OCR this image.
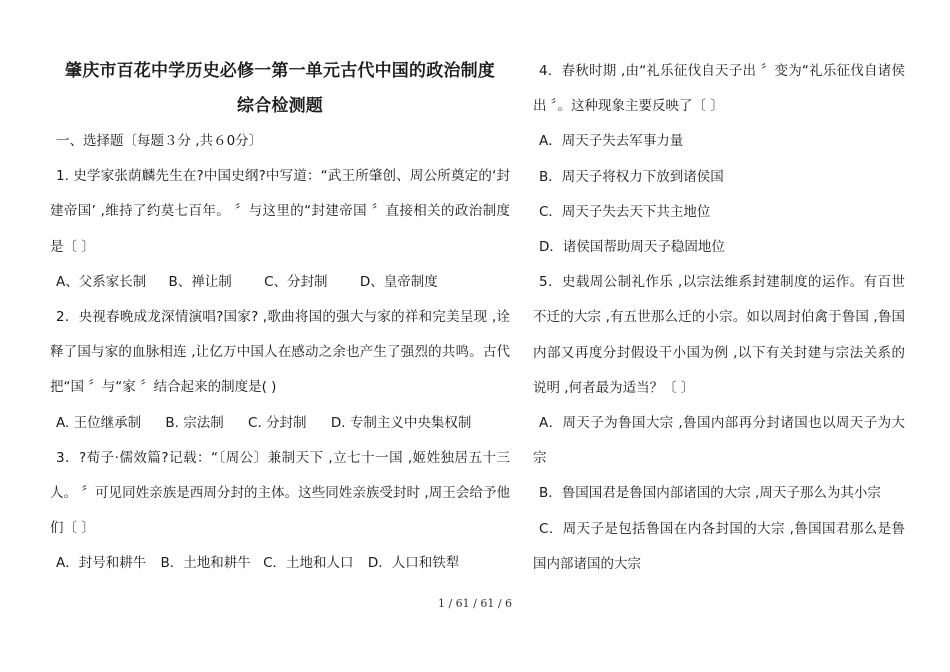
肇庆市百花中学历史必修一第一单元古代中国的政治制度
综合检测题

一、选择题〔每题３分 ,共６0分〕

1. 史学家张荫麟先生在?中国史纲?中写道：“武王所肇创、周公所奠定的‘封建帝国’ ,维持了约莫七百年。 〞与这里的“封建帝国 〞直接相关的政治制度是〔 〕

A、父系家长制 B、禅让制 C、分封制 D、皇帝制度

2．央视春晚成龙深情演唱?国家? ,歌曲将国的强大与家的祥和完美呈现 ,诠释了国与家的血脉相连 ,让亿万中国人在感动之余也产生了强烈的共鸣。古代把“国 〞与“家 〞结合起来的制度是( )

A. 王位继承制 B. 宗法制 C. 分封制 D. 专制主义中央集权制

3．?荀子·儒效篇?记载：“〔周公〕兼制天下 ,立七十一国 ,姬姓独居五十三人。 〞可见同姓亲族是西周分封的主体。这些同姓亲族受封时 ,周王会给予他们〔 〕

A．封号和耕牛 B．土地和耕牛 C．土地和人口 D．人口和铁犁

4．春秋时期 ,由“礼乐征伐自天子出 〞变为“礼乐征伐自诸侯出 〞。这种现象主要反映了〔 〕

A．周天子失去军事力量

B．周天子将权力下放到诸侯国

C．周天子失去天下共主地位

D．诸侯国帮助周天子稳固地位

5．史载周公制礼作乐 ,以宗法维系封建制度的运作。有百世不迁的大宗 ,有五世那么迁的小宗。如以周封伯禽于鲁国 ,鲁国内部又再度分封假设干小国为例 ,以下有关封建与宗法关系的说明 ,何者最为适当？〔 〕

A．周天子为鲁国大宗 ,鲁国内部再分封诸国也以周天子为大宗

B．鲁国国君是鲁国内部诸国的大宗 ,周天子那么为其小宗

C．周天子是包括鲁国在内各封国的大宗 ,鲁国国君那么是鲁国内部诸国的大宗

1 / 61 / 61 / 6
